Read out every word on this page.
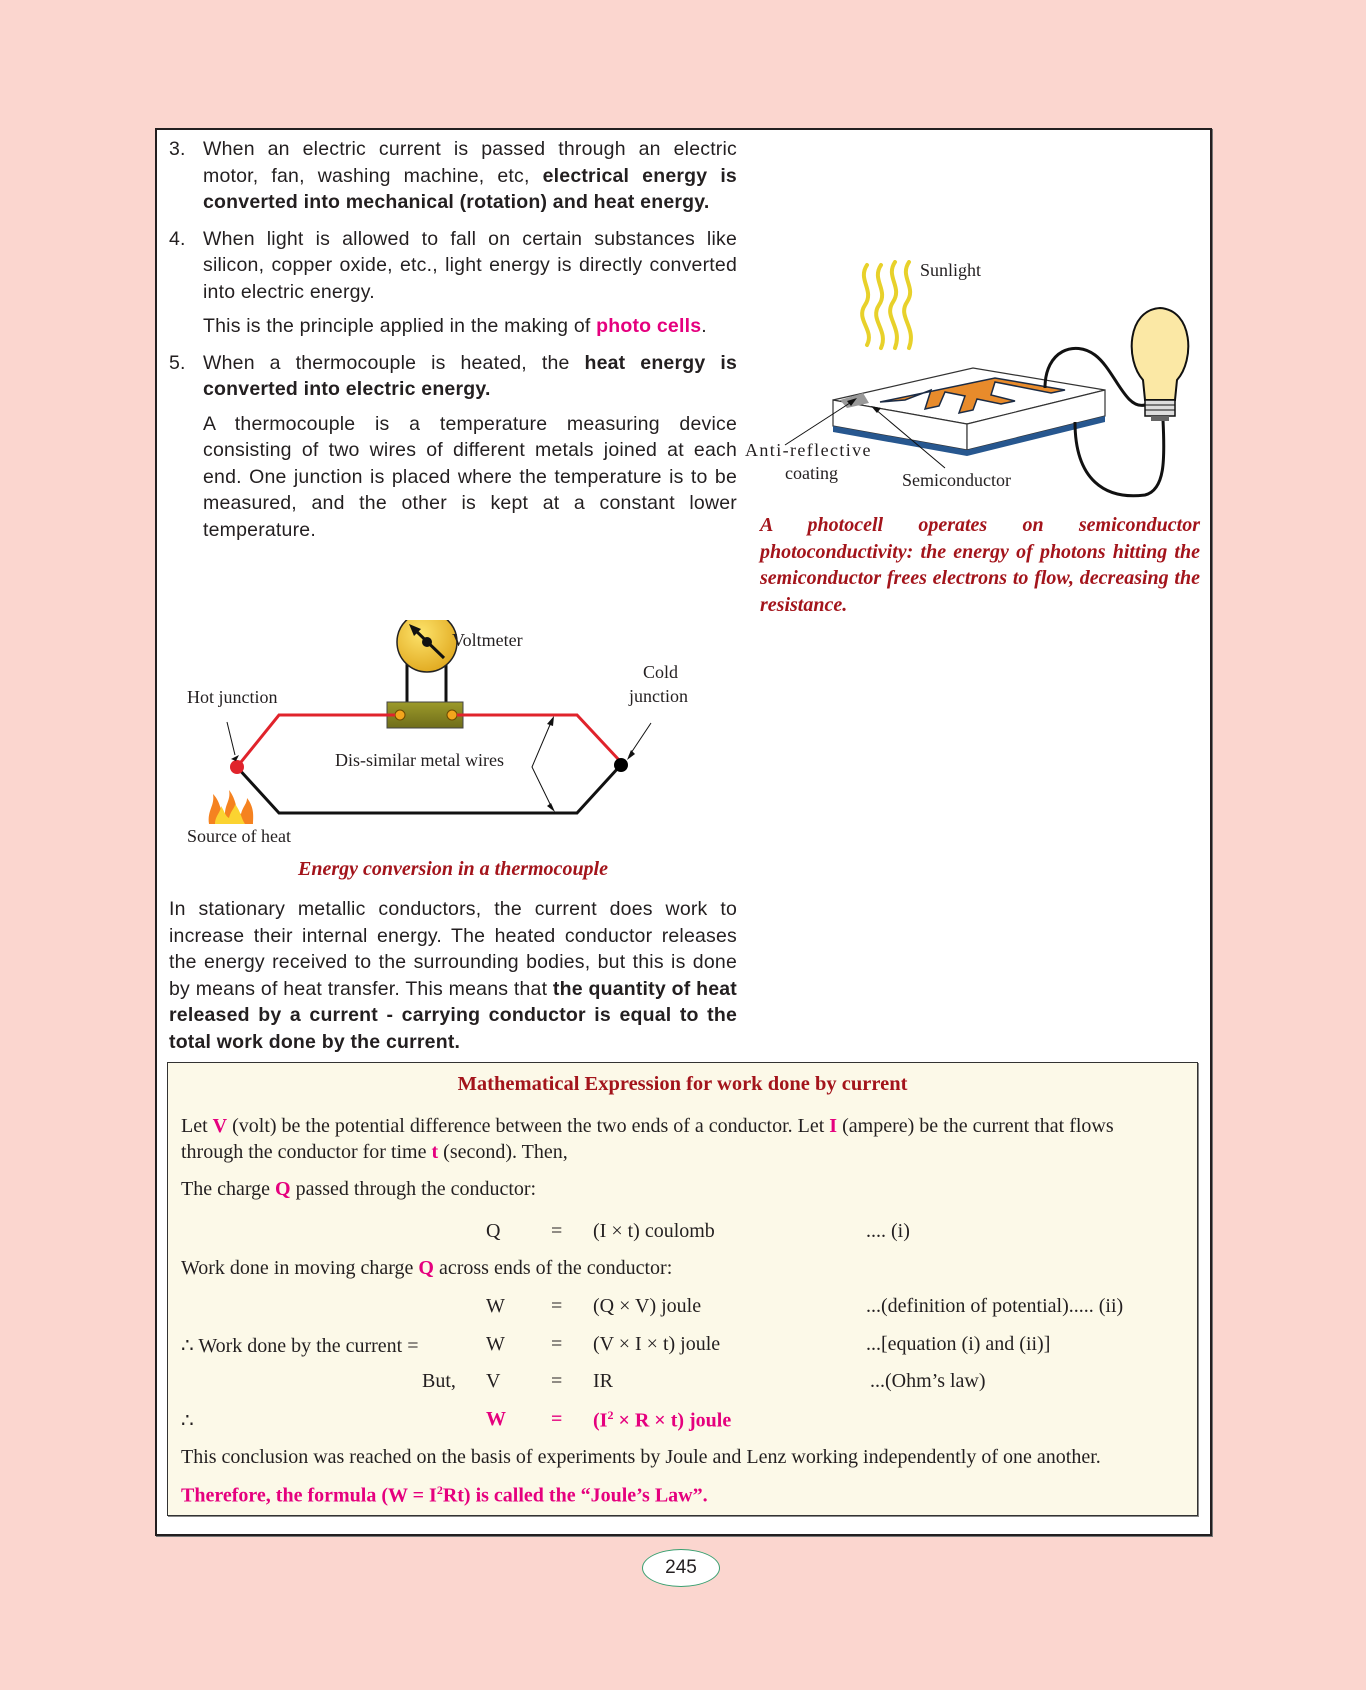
3. When an electric current is passed through an electric motor, fan, washing machine, etc, electrical energy is converted into mechanical (rotation) and heat energy.
4. When light is allowed to fall on certain substances like silicon, copper oxide, etc., light energy is directly converted into electric energy.
This is the principle applied in the making of photo cells.
5. When a thermocouple is heated, the heat energy is converted into electric energy.
A thermocouple is a temperature measuring device consisting of two wires of different metals joined at each end. One junction is placed where the temperature is to be measured, and the other is kept at a constant lower temperature.
Voltmeter
Hot junction
Cold
junction
Dis-similar metal wires
Source of heat
Energy conversion in a thermocouple
In stationary metallic conductors, the current does work to increase their internal energy. The heated conductor releases the energy received to the surrounding bodies, but this is done by means of heat transfer. This means that the quantity of heat released by a current - carrying conductor is equal to the total work done by the current.
Sunlight
Anti-reflective
coating	Semiconductor
A photocell operates on semiconductor photoconductivity: the energy of photons hitting the semiconductor frees electrons to flow, decreasing the resistance.
Mathematical Expression for work done by current
Let V (volt) be the potential difference between the two ends of a conductor. Let I (ampere) be the current that flows
through the conductor for time t (second). Then,
The charge Q passed through the conductor:
Q	= (I × t) coulomb	.... (i)
Work done in moving charge Q across ends of the conductor:
W = (Q × V) joule	...(definition of potential)..... (ii)
∴ Work done by the current =	W = (V × I × t) joule	...[equation (i) and (ii)]
But, V	= IR	...(Ohm’s law)
∴	$W = (I^2 \times R \times t)$ joule
This conclusion was reached on the basis of experiments by Joule and Lenz working independently of one another.
Therefore, the formula $(W = I^2Rt)$ is called the “Joule’s Law”.
245
